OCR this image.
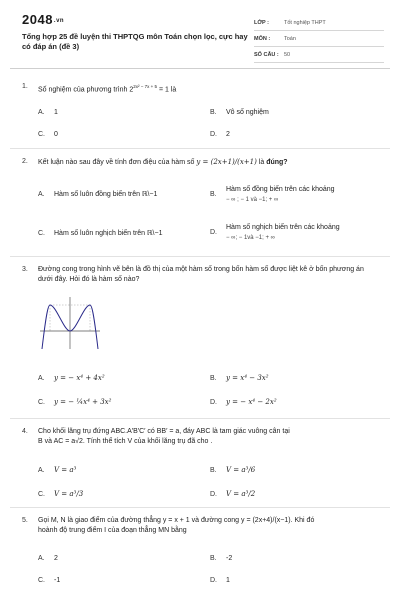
2048.vn
Tổng hợp 25 đề luyện thi THPTQG môn Toán chọn lọc, cực hay có đáp án (đề 3)
LỚP :	Tốt nghiệp THPT
MÔN :	Toán
SỐ CÂU : 50
1. Số nghiệm của phương trình $2^{2x^2 - 7x + 5} = 1$ là
A. 1	B. Vô số nghiệm
C. 0	D. 2
2. Kết luận nào sau đây về tính đơn điệu của hàm số y = (2x+1)/(x+1) là đúng?
A. Hàm số luôn đồng biến trên ℝ\−1	B.Hàm số đồng biến trên các khoảng
− ∞ ; − 1 và −1; + ∞
C. Hàm số luôn nghịch biến trên ℝ\−1	D.Hàm số nghịch biến trên các khoảng
− ∞; − 1và −1; + ∞
3. Đường cong trong hình vẽ bên là đồ thị của một hàm số trong bốn hàm số được liệt kê ở bốn phương án dưới đây. Hỏi đó là hàm số nào?
A. y = − x⁴ + 4x²	B. y = x⁴ − 3x²
C. y = − ¼x⁴ + 3x²	D. y = − x⁴ − 2x²
4. Cho khối lăng trụ đứng ABC.A′B′C′ có BB′ = a, đáy ABC là tam giác vuông cân tại
B và AC = a√2. Tính thể tích V của khối lăng trụ đã cho .
A. V = a³	B. V = a³/6
C. V = a³/3	D. V = a³/2
5. Gọi M, N là giao điểm của đường thẳng y = x + 1 và đường cong y = (2x+4)/(x−1). Khi đó
hoành độ trung điểm I của đoạn thẳng MN bằng
A. 2	B. -2
C. -1	D. 1
